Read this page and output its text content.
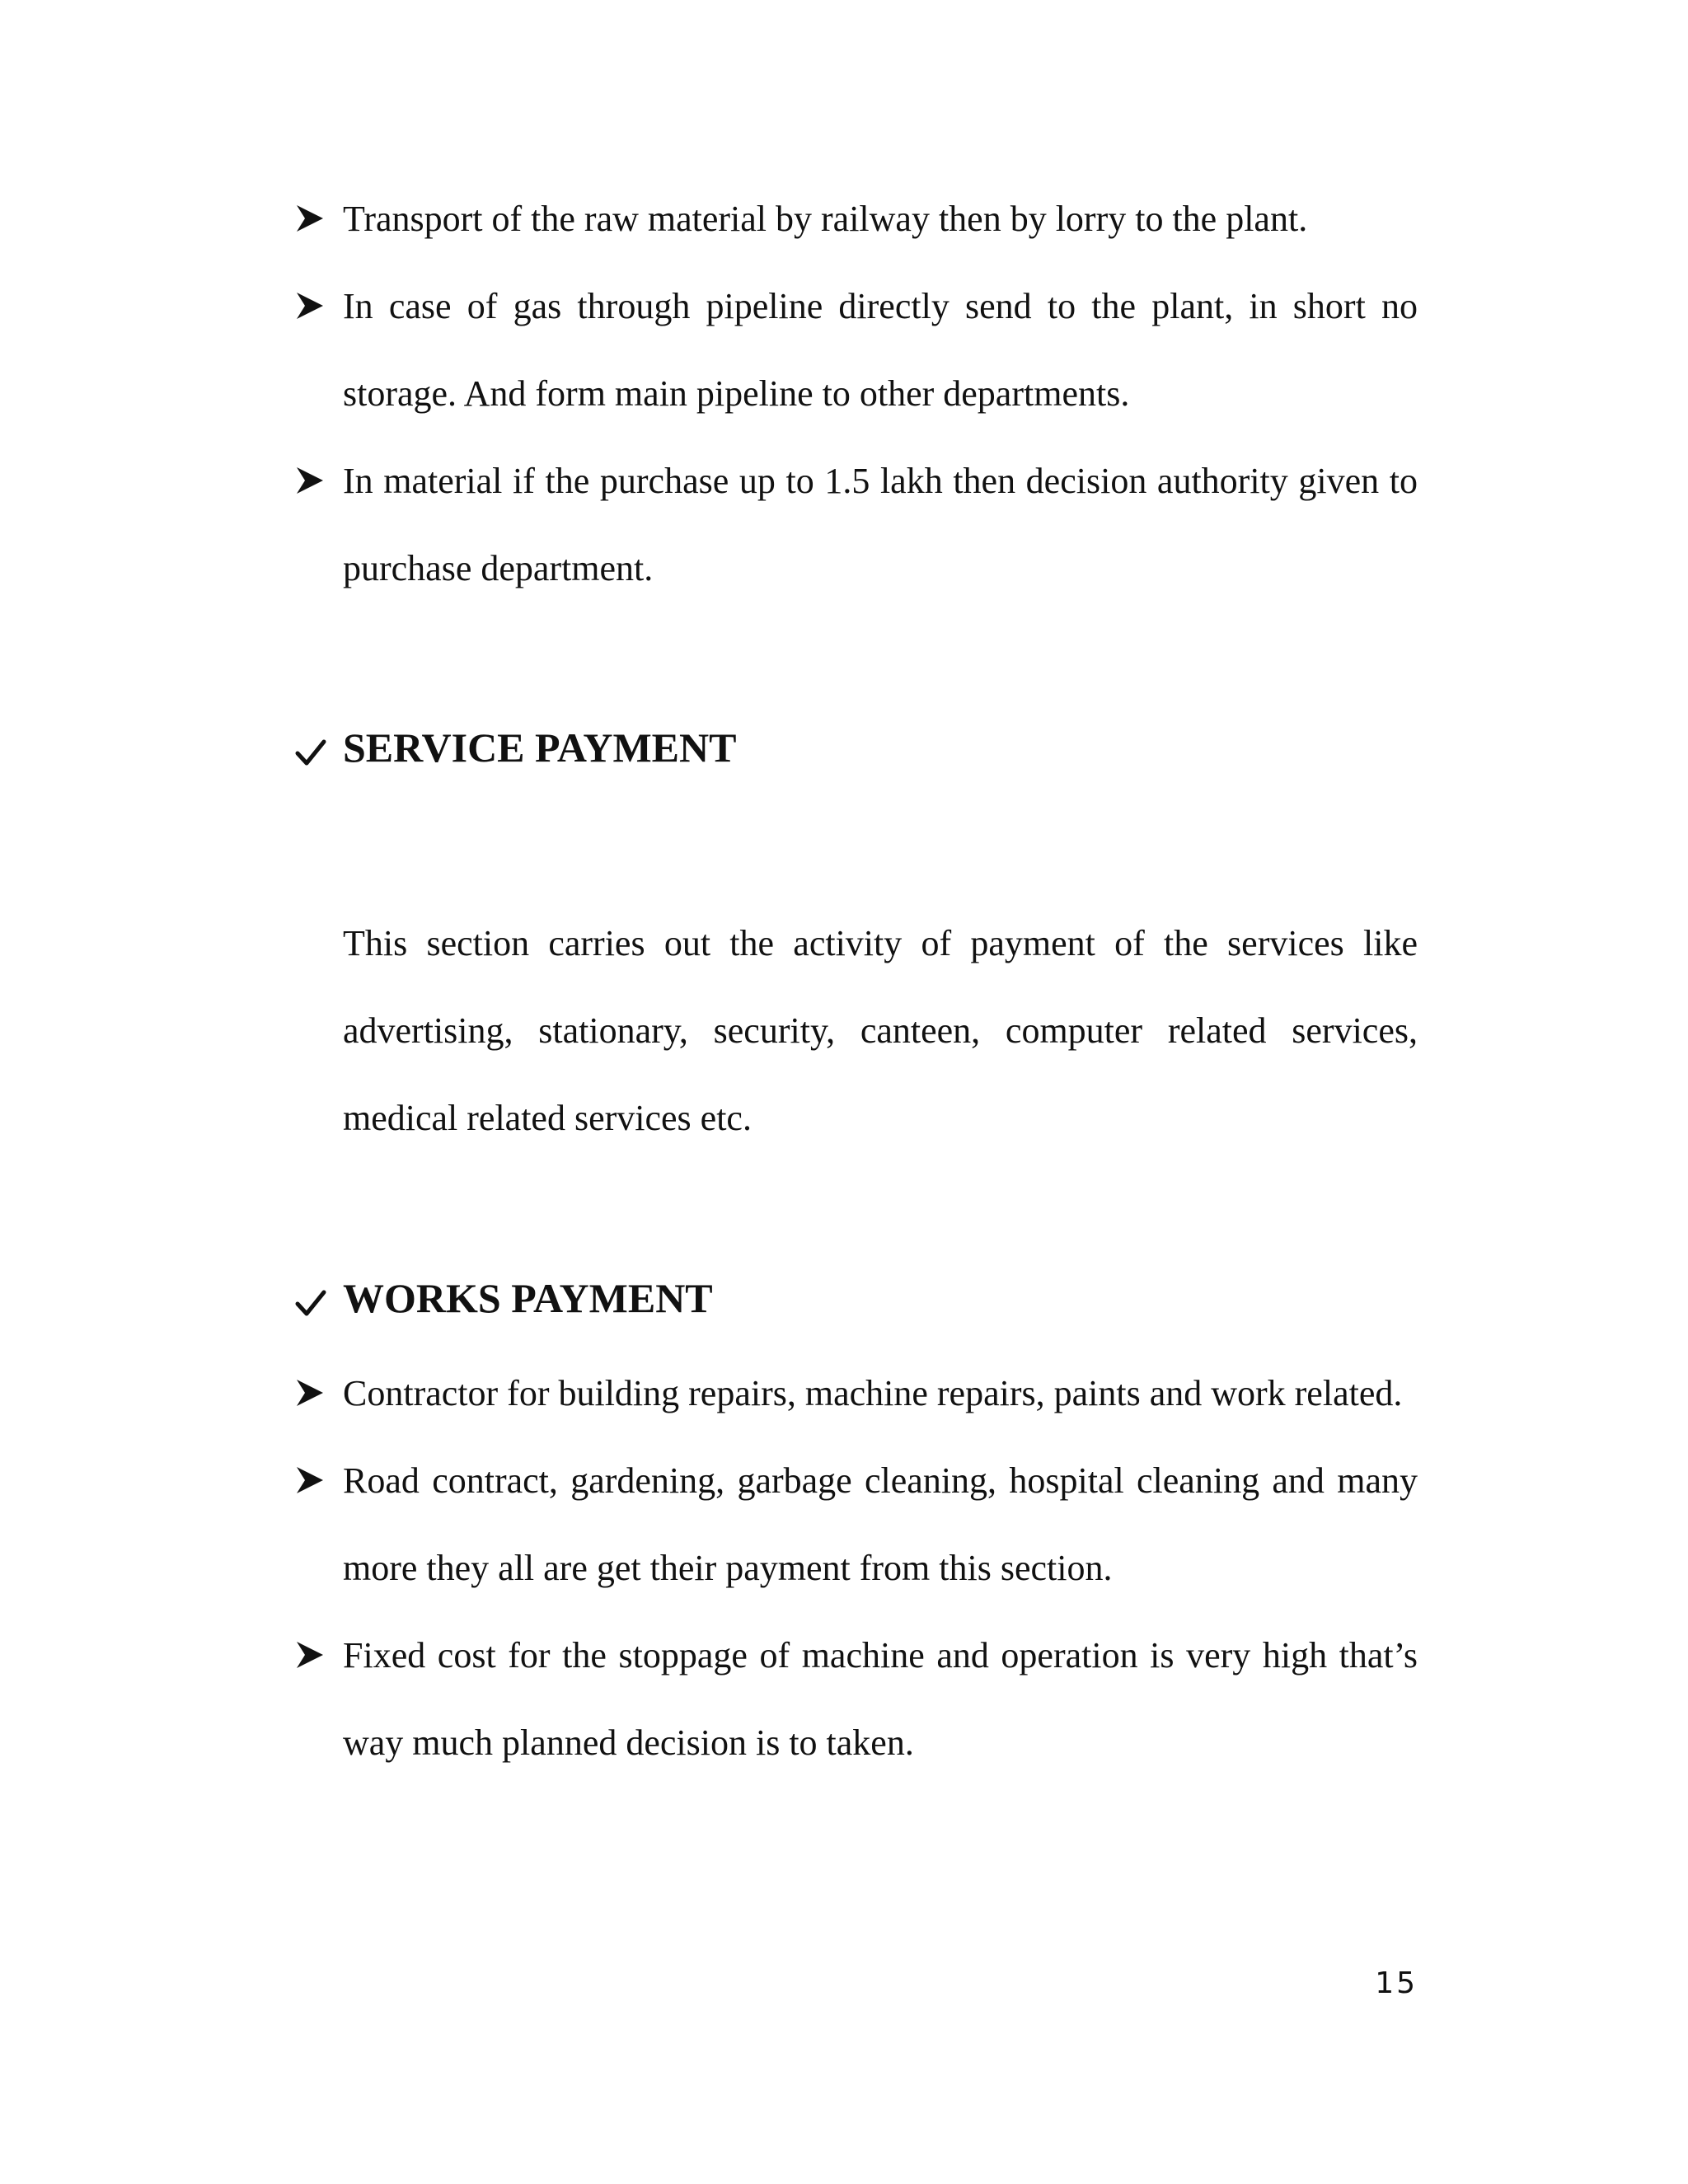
Transport of the raw material by railway then by lorry to the plant.
In case of gas through pipeline directly send to the plant, in short no storage. And form main pipeline to other departments.
In material if the purchase up to 1.5 lakh then decision authority given to purchase department.
SERVICE PAYMENT
This section carries out the activity of payment of the services like advertising, stationary, security, canteen, computer related services, medical related services etc.
WORKS PAYMENT
Contractor for building repairs, machine repairs, paints and work related.
Road contract, gardening, garbage cleaning, hospital cleaning and many more they all are get their payment from this section.
Fixed cost for the stoppage of machine and operation is very high that’s way much planned decision is to taken.
15
